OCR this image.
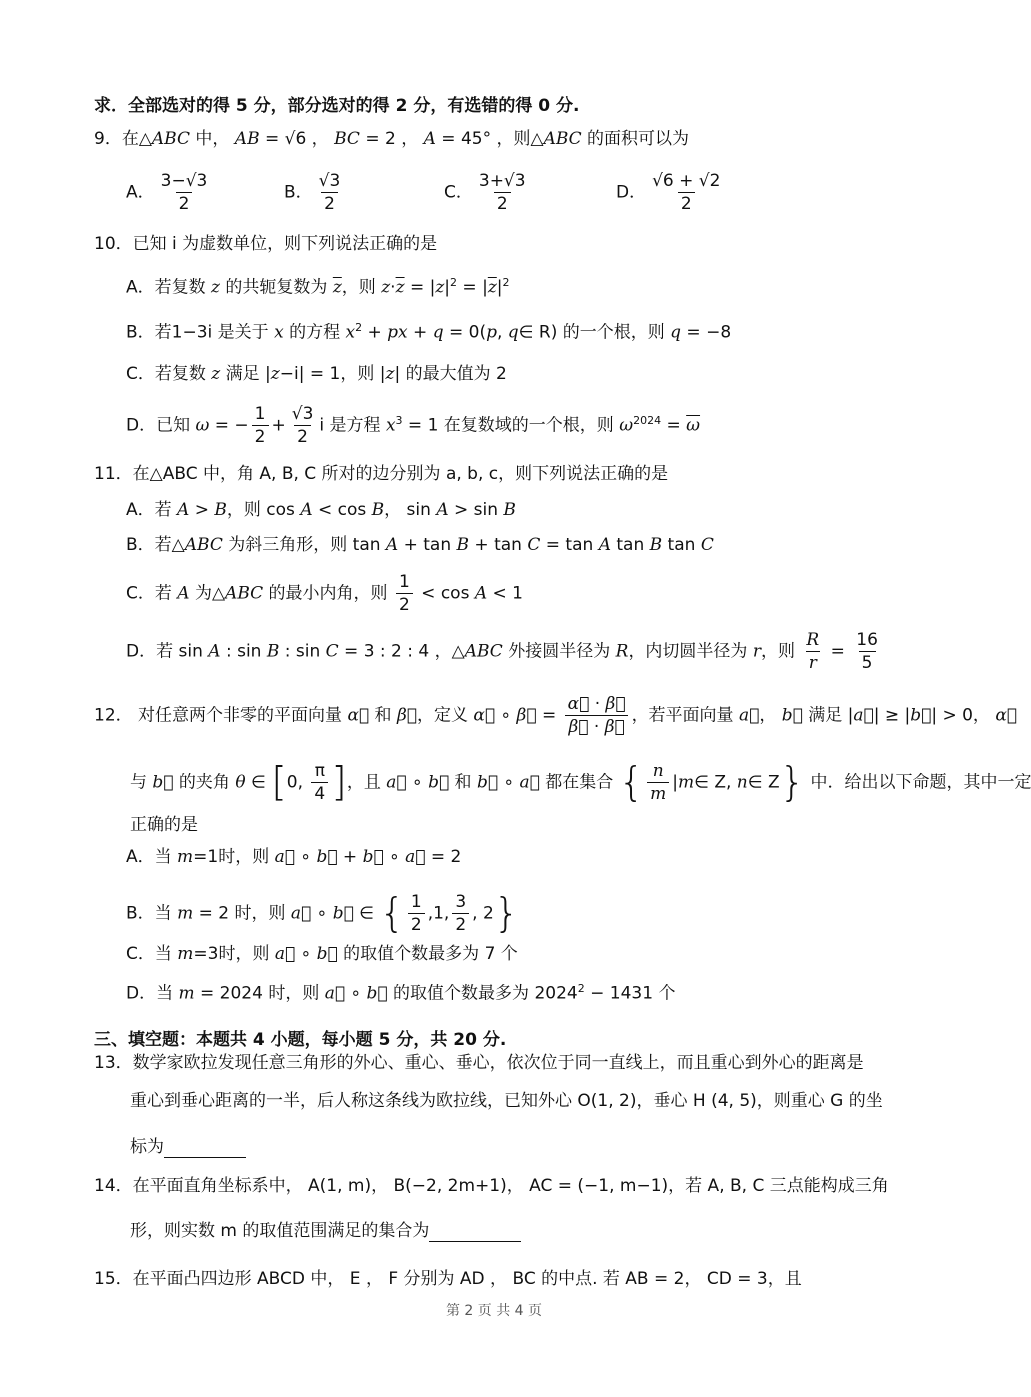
求．全部选对的得 5 分，部分选对的得 2 分，有选错的得 0 分.
9．在△ABC 中， AB = √6 ， BC = 2 ， A = 45° ，则△ABC 的面积可以为
A． $\frac{3-√3}{2}$	B． $\frac{√3}{2}$	C． $\frac{3+√3}{2}$	D． $\frac{√6 + √2}{2}$
10．已知 i 为虚数单位，则下列说法正确的是
A．若复数 z 的共轭复数为 $\overline{z}$，则 $z\cdot\overline{z} = |z|^2 = |\overline{z}|^2$
B．若1−3i 是关于 x 的方程 $x^2$ + px + q = 0(p, q∈ R) 的一个根，则 q = −8
C．若复数 z 满足 |z−i| = 1，则 |z| 的最大值为 2
D．已知 ω = − $\frac{1}{2} + \frac{√3}{2}$ i 是方程 $x^3 = 1$ 在复数域的一个根，则 $\omega^{2024} = \overline{\omega}$
11．在△ABC 中，角 A, B, C 所对的边分别为 a, b, c，则下列说法正确的是
A．若 A > B，则 cos A < cos B， sin A > sin B
B．若△ABC 为斜三角形，则 tan A + tan B + tan C = tan A tan B tan C
C．若 A 为△ABC 的最小内角，则 $\frac{1}{2} < \cos A < 1$
D．若 sin A : sin B : sin C = 3 : 2 : 4 ，△ABC 外接圆半径为 R，内切圆半径为 r，则 $\frac{R}{r} = \frac{16}{5}$
12． 对任意两个非零的平面向量 α⃗ 和 β⃗，定义 α⃗ ∘ β⃗ = $\frac{\alpha⃗ \cdot \beta⃗}{\beta⃗ \cdot \beta⃗}$ ，若平面向量 a⃗， b⃗ 满足 |a⃗| ≥ |b⃗| > 0， α⃗
与 b⃗ 的夹角 θ ∈ [0, $\frac{\pi}{4}$ ]，且 a⃗ ∘ b⃗ 和 b⃗ ∘ a⃗ 都在集合 { $\frac{n}{m}$ |m∈ Z, n∈ Z} 中．给出以下命题，其中一定
正确的是
A．当 m=1时，则 a⃗ ∘ b⃗ + b⃗ ∘ a⃗ = 2
B．当 m = 2 时，则 a⃗ ∘ b⃗ ∈ { $\frac{1}{2} ,1$, $\frac{3}{2}$ , 2}
C．当 m=3时，则 a⃗ ∘ b⃗ 的取值个数最多为 7 个
D．当 m = 2024 时，则 a⃗ ∘ b⃗ 的取值个数最多为 $2024^2 - 1431$ 个
三、填空题：本题共 4 小题，每小题 5 分，共 20 分.
13．数学家欧拉发现任意三角形的外心、重心、垂心，依次位于同一直线上，而且重心到外心的距离是
重心到垂心距离的一半，后人称这条线为欧拉线，已知外心 O(1, 2)，垂心 H (4, 5)，则重心 G 的坐
标为
14．在平面直角坐标系中， A(1, m)， B(−2, 2m+1)， AC = (−1, m−1)，若 A, B, C 三点能构成三角
形，则实数 m 的取值范围满足的集合为
15．在平面凸四边形 ABCD 中， E ， F 分别为 AD ， BC 的中点. 若 AB = 2， CD = 3，且
第 2 页 共 4 页
